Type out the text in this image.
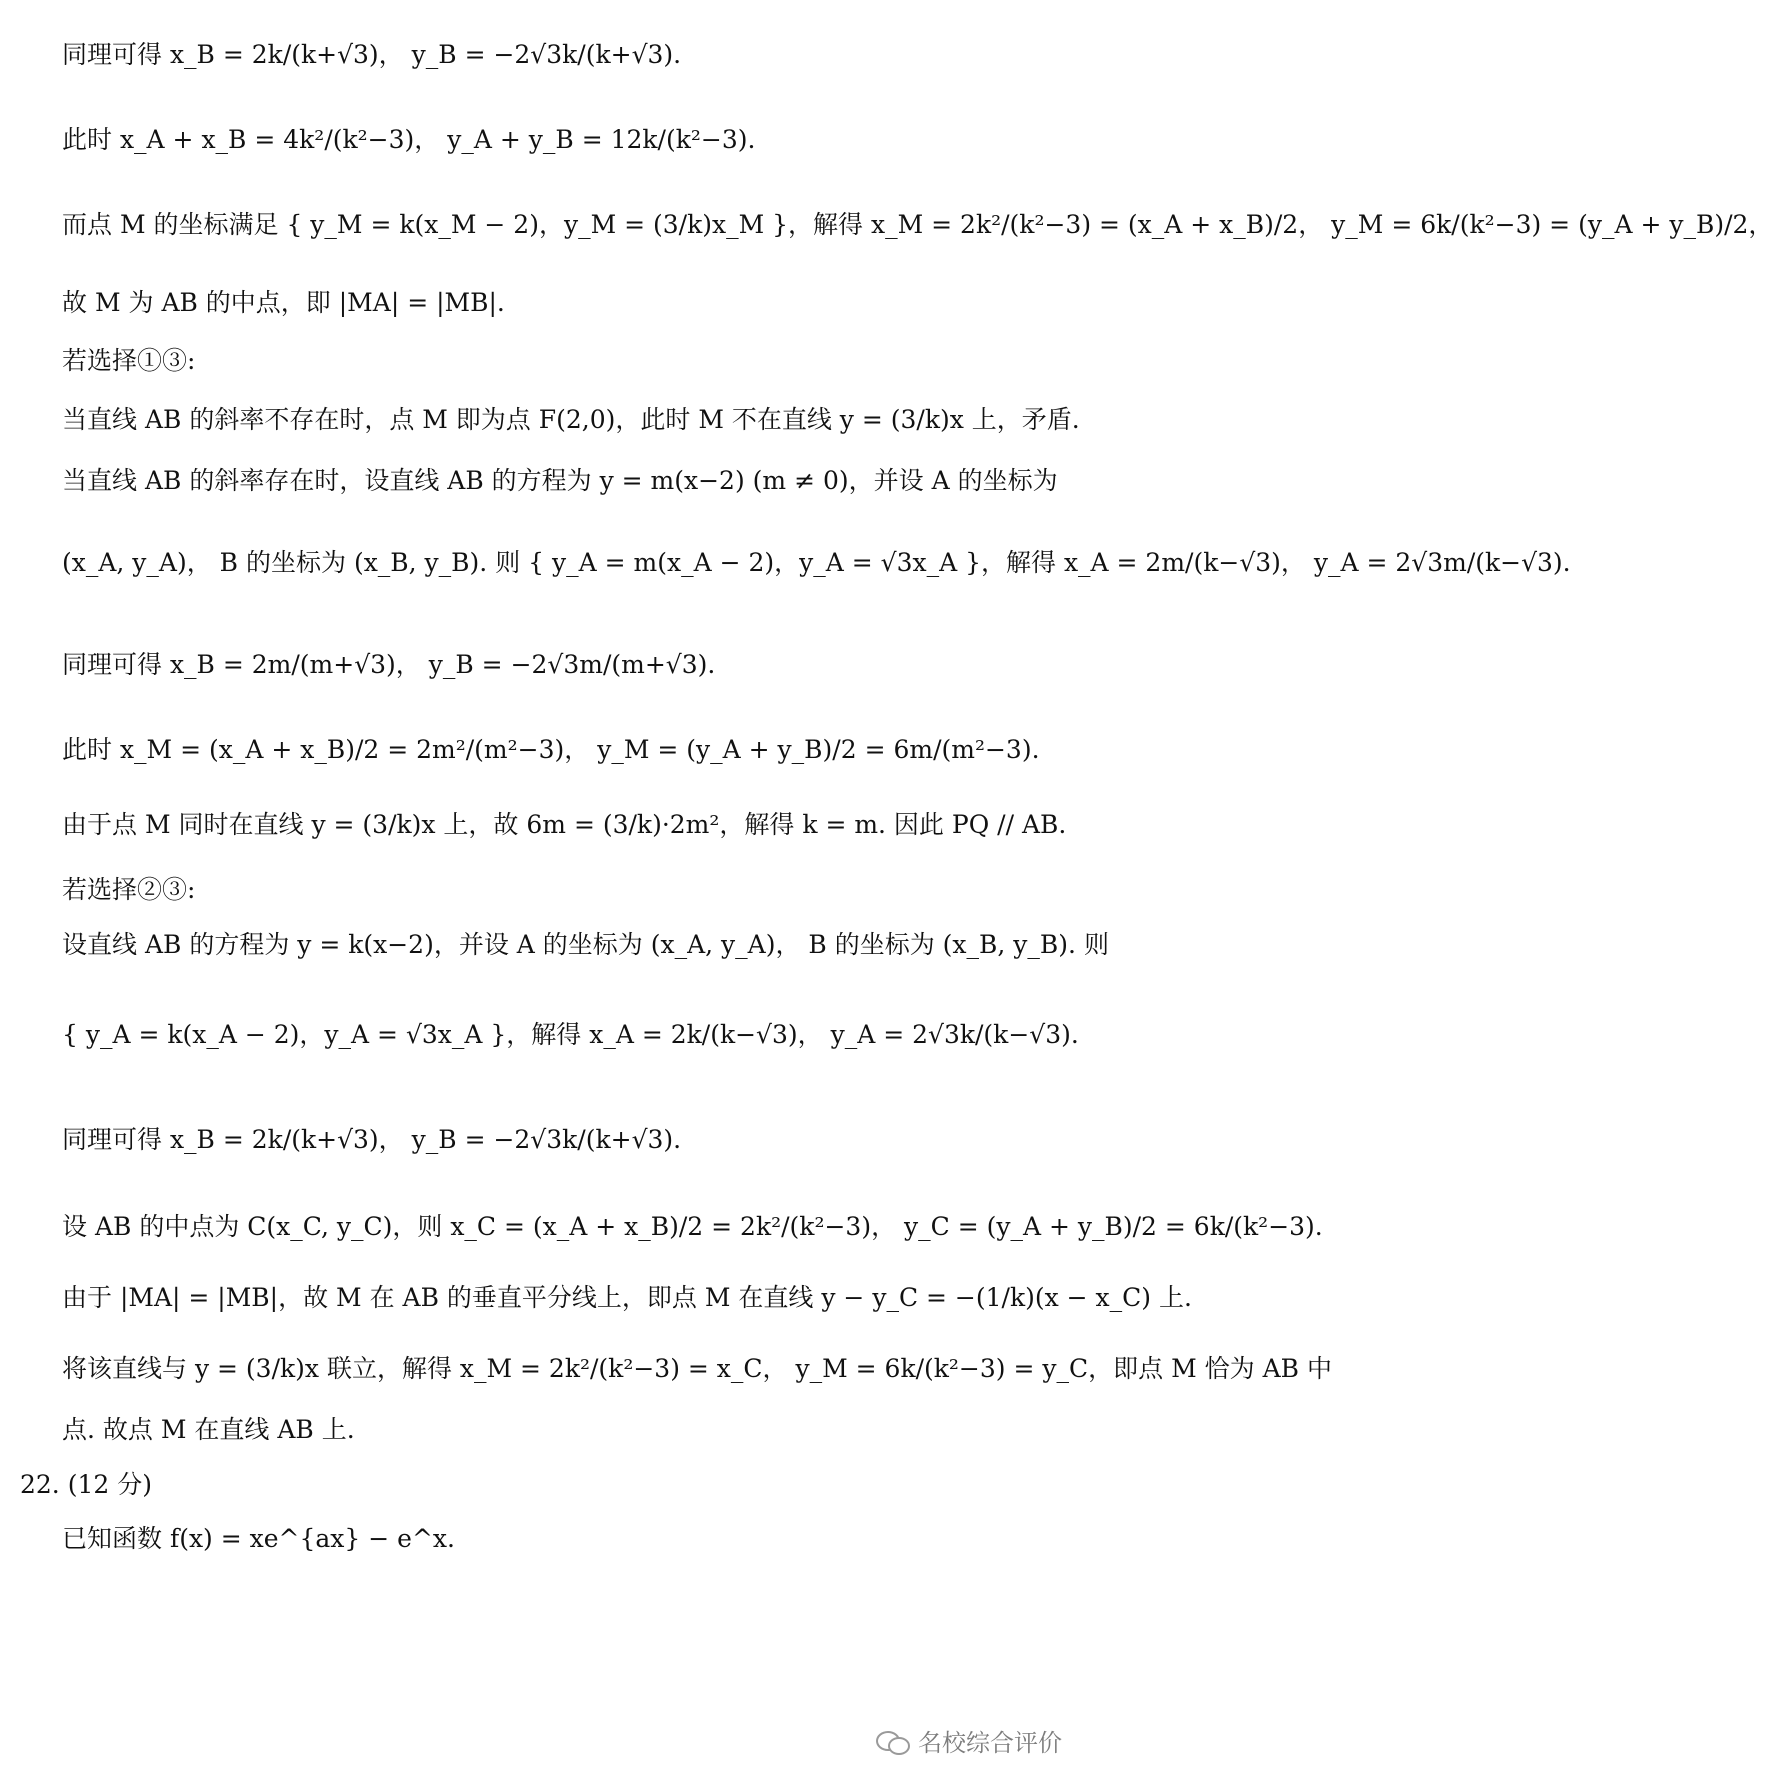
同理可得 x_B = 2k/(k+√3)， y_B = −2√3k/(k+√3).
此时 x_A + x_B = 4k²/(k²−3)， y_A + y_B = 12k/(k²−3).
而点 M 的坐标满足 { y_M = k(x_M − 2)，y_M = (3/k)x_M }，解得 x_M = 2k²/(k²−3) = (x_A + x_B)/2， y_M = 6k/(k²−3) = (y_A + y_B)/2，
故 M 为 AB 的中点，即 |MA| = |MB|.
若选择①③:
当直线 AB 的斜率不存在时，点 M 即为点 F(2,0)，此时 M 不在直线 y = (3/k)x 上，矛盾.
当直线 AB 的斜率存在时，设直线 AB 的方程为 y = m(x−2) (m ≠ 0)，并设 A 的坐标为
(x_A, y_A)， B 的坐标为 (x_B, y_B). 则 { y_A = m(x_A − 2)，y_A = √3x_A }，解得 x_A = 2m/(k−√3)， y_A = 2√3m/(k−√3).
同理可得 x_B = 2m/(m+√3)， y_B = −2√3m/(m+√3).
此时 x_M = (x_A + x_B)/2 = 2m²/(m²−3)， y_M = (y_A + y_B)/2 = 6m/(m²−3).
由于点 M 同时在直线 y = (3/k)x 上，故 6m = (3/k)·2m²，解得 k = m. 因此 PQ // AB.
若选择②③:
设直线 AB 的方程为 y = k(x−2)，并设 A 的坐标为 (x_A, y_A)， B 的坐标为 (x_B, y_B). 则
{ y_A = k(x_A − 2)，y_A = √3x_A }，解得 x_A = 2k/(k−√3)， y_A = 2√3k/(k−√3).
同理可得 x_B = 2k/(k+√3)， y_B = −2√3k/(k+√3).
设 AB 的中点为 C(x_C, y_C)，则 x_C = (x_A + x_B)/2 = 2k²/(k²−3)， y_C = (y_A + y_B)/2 = 6k/(k²−3).
由于 |MA| = |MB|，故 M 在 AB 的垂直平分线上，即点 M 在直线 y − y_C = −(1/k)(x − x_C) 上.
将该直线与 y = (3/k)x 联立，解得 x_M = 2k²/(k²−3) = x_C， y_M = 6k/(k²−3) = y_C，即点 M 恰为 AB 中
点. 故点 M 在直线 AB 上.
22. (12 分)
已知函数 f(x) = xe^{ax} − e^x.
名校综合评价
